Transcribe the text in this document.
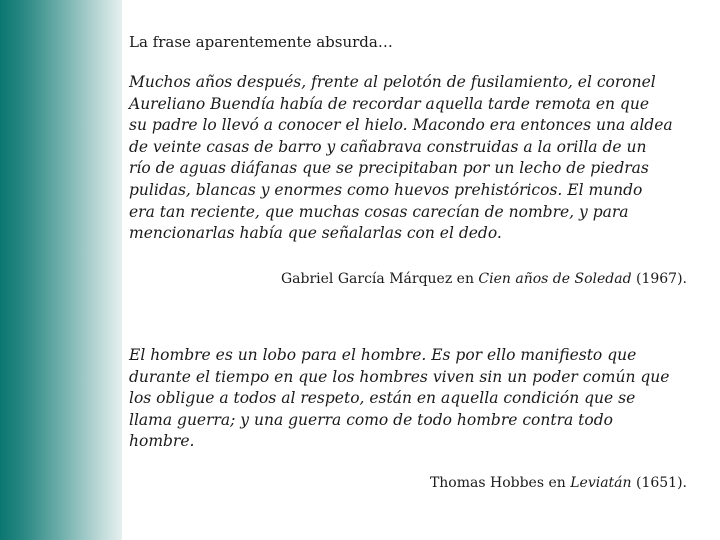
La frase aparentemente absurda…
Muchos años después, frente al pelotón de fusilamiento, el coronel
Aureliano Buendía había de recordar aquella tarde remota en que
su padre lo llevó a conocer el hielo. Macondo era entonces una aldea
de veinte casas de barro y cañabrava construidas a la orilla de un
río de aguas diáfanas que se precipitaban por un lecho de piedras
pulidas, blancas y enormes como huevos prehistóricos. El mundo
era tan reciente, que muchas cosas carecían de nombre, y para
mencionarlas había que señalarlas con el dedo.
Gabriel García Márquez en Cien años de Soledad (1967).
El hombre es un lobo para el hombre. Es por ello manifiesto que
durante el tiempo en que los hombres viven sin un poder común que
los obligue a todos al respeto, están en aquella condición que se
llama guerra; y una guerra como de todo hombre contra todo
hombre.
Thomas Hobbes en Leviatán (1651).
